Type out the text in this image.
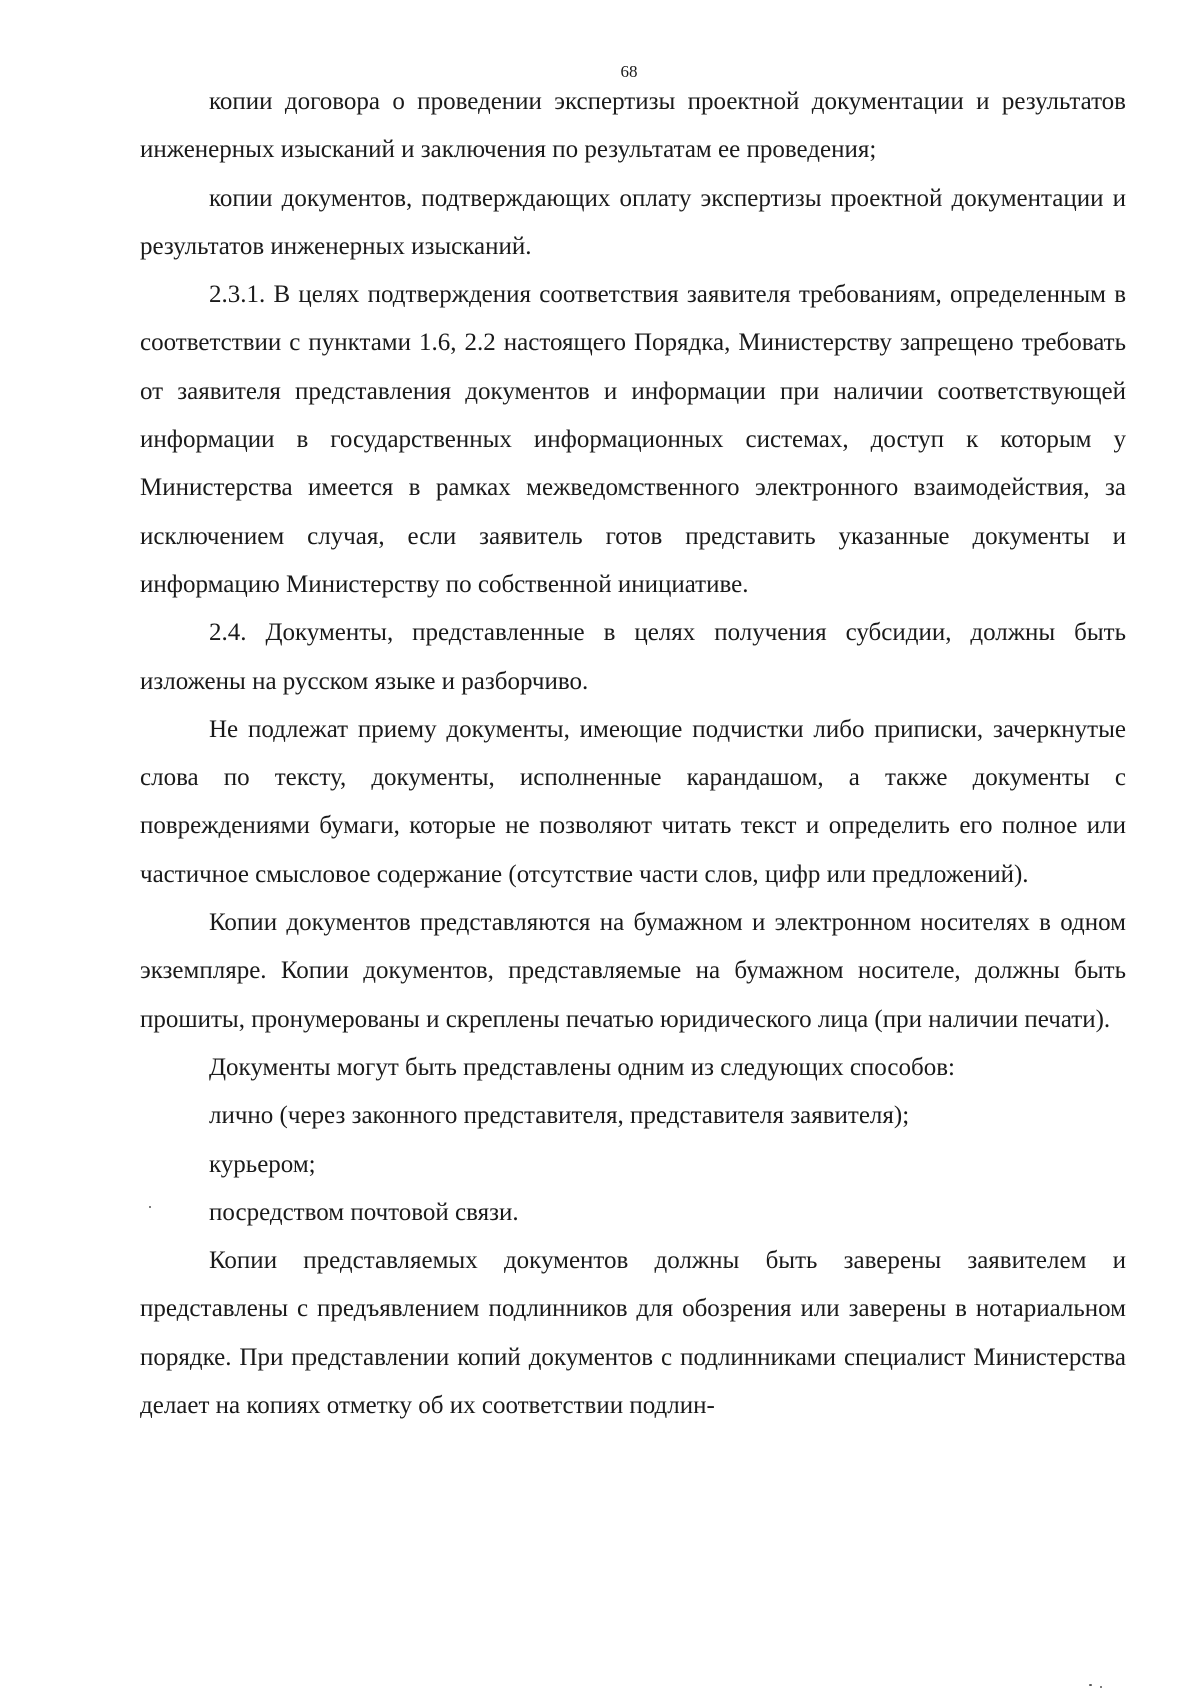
68

копии договора о проведении экспертизы проектной документации и результатов инженерных изысканий и заключения по результатам ее проведения;

копии документов, подтверждающих оплату экспертизы проектной документации и результатов инженерных изысканий.

2.3.1. В целях подтверждения соответствия заявителя требованиям, определенным в соответствии с пунктами 1.6, 2.2 настоящего Порядка, Министерству запрещено требовать от заявителя представления документов и информации при наличии соответствующей информации в государственных информационных системах, доступ к которым у Министерства имеется в рамках межведомственного электронного взаимодействия, за исключением случая, если заявитель готов представить указанные документы и информацию Министерству по собственной инициативе.

2.4. Документы, представленные в целях получения субсидии, должны быть изложены на русском языке и разборчиво.

Не подлежат приему документы, имеющие подчистки либо приписки, зачеркнутые слова по тексту, документы, исполненные карандашом, а также документы с повреждениями бумаги, которые не позволяют читать текст и определить его полное или частичное смысловое содержание (отсутствие части слов, цифр или предложений).

Копии документов представляются на бумажном и электронном носителях в одном экземпляре. Копии документов, представляемые на бумажном носителе, должны быть прошиты, пронумерованы и скреплены печатью юридического лица (при наличии печати).

Документы могут быть представлены одним из следующих способов:

лично (через законного представителя, представителя заявителя);

курьером;

посредством почтовой связи.

Копии представляемых документов должны быть заверены заявителем и представлены с предъявлением подлинников для обозрения или заверены в нотариальном порядке. При представлении копий документов с подлинниками специалист Министерства делает на копиях отметку об их соответствии подлин-
